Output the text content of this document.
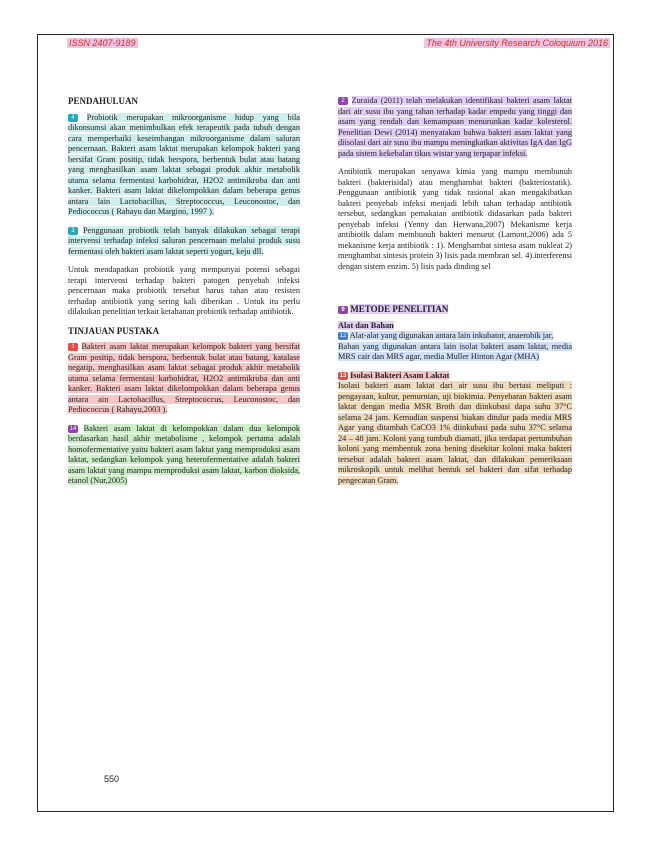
ISSN 2407-9189	The 4th University Research Coloquium 2016
PENDAHULUAN

4 Probiotik merupakan mikroorganisme hidup yang bila dikonsumsi akan menimbulkan efek terapeutik pada tubuh dengan cara memperbaiki keseimbangan mikroorganisme dalam saluran pencernaan. Bakteri asam laktat merupakan kelompok bakteri yang bersifat Gram positip, tidak berspora, berbentuk bulat atau batang yang menghasilkan asam laktat sebagai produk akhir metabolik utama selama fermentasi karbohidrat, H2O2 antimikroba dan anti kanker. Bakteri asam laktat dikelompokkan dalam beberapa genus antara lain Lactobacillus, Streptococcus, Leuconostoc, dan Pediococcus ( Rahayu dan Margino, 1997 ).

3 Penggunaan probiotik telah banyak dilakukan sebagai terapi intervensi terhadap infeksi saluran pencernaan melalui produk susu fermentasi oleh bakteri asam laktat seperti yogurt, keju dll.

Untuk mendapatkan probiotik yang mempunyai potensi sebagai terapi intervensi terhadap bakteri patogen penyebab infeksi pencernaan maka probiotik tersebut harus tahan atau resisten terhadap antibiotik yang sering kali diberikan . Untuk itu perlu dilakukan penelitian terkait ketahanan probiotik terhadap antibiotik.

TINJAUAN PUSTAKA

1 Bakteri asam laktat merupakan kelompok bakteri yang bersifat Gram positip, tidak berspora, berbentuk bulat atau batang, katalase negatip, menghasilkan asam laktat sebagai produk akhir metabolik utama selama fermentasi karbohidrat, H2O2 antimikroba dan anti kanker. Bakteri asam laktat dikelompokkan dalam beberapa genus antara ain Lactobacillus, Streptococcus, Leuconostoc, dan Pediococcus ( Rahayu,2003 ).

14 Bakteri asam laktat di kelompokkan dalam dua kelompok berdasarkan hasil akhir metabolisme , kelompok pertama adalah homofermentative yaitu bakteri asam laktat yang memproduksi asam laktat, sedangkan kelompok yang heterofermentative adalah bakteri asam laktat yang mampu memproduksi asam laktat, karbon dioksida, etanol (Nur,2005)

2 Zuraida (2011) telah melakukan identifikasi bakteri asam laktat dari air susu ibu yang tahan terhadap kadar empedu yang tinggi dan asam yang rendah dan kemampuan menurunkan kadar kolesterol. Penelitian Dewi (2014) menyatakan bahwa bakteri asam laktat yang diisolasi dari air susu ibu mampu meningkatkan aktivitas IgA dan IgG pada sistem kekebalan tikus wistar yang terpapar infeksi.

Antibiotik merupakan senyawa kimia yang mampu membunuh bakteri (bakterisidal) atau menghambat bakteri (bakteriostatik). Penggunaan antibiotik yang tidak rasional akan mengakibatkan bakteri penyebab infeksi menjadi lebih tahan terhadap antibiotik tersebut, sedangkan pemakaian antibiotik didasarkan pada bakteri penyebab infeksi (Yenny dan Herwana,2007) Mekanisme kerja antibiotik dalam membunuh bakteri menurut (Lamont,2006) ada 5 mekanisme kerja antibiotik : 1). Menghambat sintesa asam nukleat 2) menghambat sintesis protein 3) lisis pada membran sel. 4).interferensi dengan sistem enzim. 5) lisis pada dinding sel

9 METODE PENELITIAN
Alat dan Bahan

12 Alat-alat yang digunakan antara lain inkubator, anaerobik jar,
Bahan yang digunakan antara lain isolat bakteri asam laktat, media MRS cair dan MRS agar, media Muller Hinton Agar (MHA)

13 Isolasi Bakteri Asam Laktat

Isolasi bakteri asam laktat dari air susu ibu bertasi meliputi : pengayaan, kultur, pemurnian, uji biokimia. Penyebaran bakteri asam laktat dengan media MSR Broth dan diinkubasi dapa suhu 37°C selama 24 jam. Kemudian suspensi biakan ditulur pada media MRS Agar yang ditambah CaCO3 1% diinkubasi pada suhu 37°C selama 24 – 48 jam. Koloni yang tumbuh diamati, jika terdapat pertumbuhan koloni yang membentuk zona bening disekitar koloni maka bakteri tersebut adalah bakteri asam laktat, dan dilakukan pemeriksaan mikroskopik untuk melihat bentuk sel bakteri dan sifat terhadap pengecatan Gram.

550
